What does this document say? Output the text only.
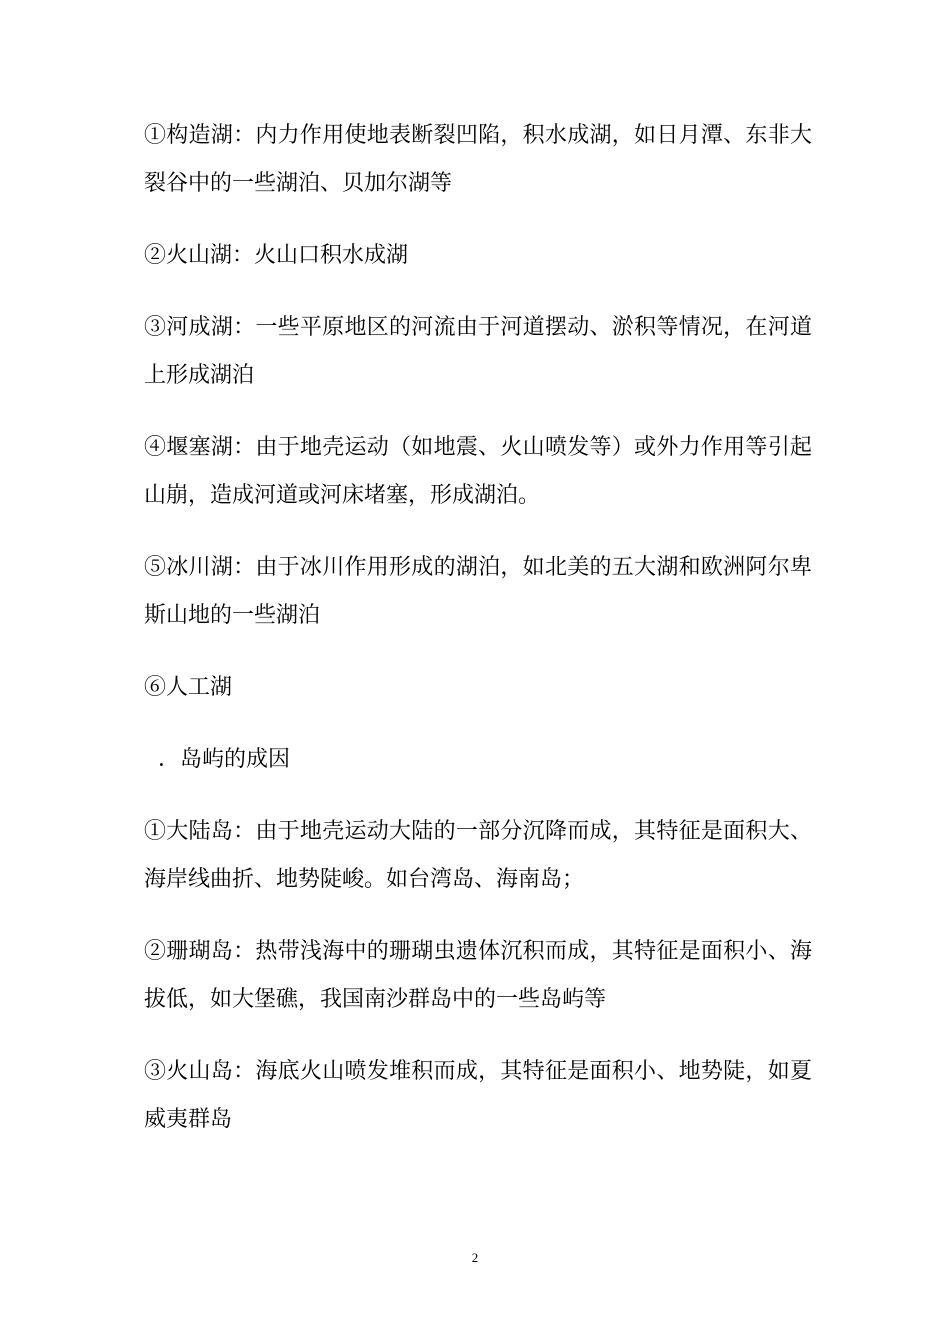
①构造湖：内力作用使地表断裂凹陷，积水成湖，如日月潭、东非大裂谷中的一些湖泊、贝加尔湖等

②火山湖：火山口积水成湖

③河成湖：一些平原地区的河流由于河道摆动、淤积等情况，在河道上形成湖泊

④堰塞湖：由于地壳运动（如地震、火山喷发等）或外力作用等引起山崩，造成河道或河床堵塞，形成湖泊。

⑤冰川湖：由于冰川作用形成的湖泊，如北美的五大湖和欧洲阿尔卑斯山地的一些湖泊

⑥人工湖

．岛屿的成因

①大陆岛：由于地壳运动大陆的一部分沉降而成，其特征是面积大、海岸线曲折、地势陡峻。如台湾岛、海南岛；

②珊瑚岛：热带浅海中的珊瑚虫遗体沉积而成，其特征是面积小、海拔低，如大堡礁，我国南沙群岛中的一些岛屿等

③火山岛：海底火山喷发堆积而成，其特征是面积小、地势陡，如夏威夷群岛

2
